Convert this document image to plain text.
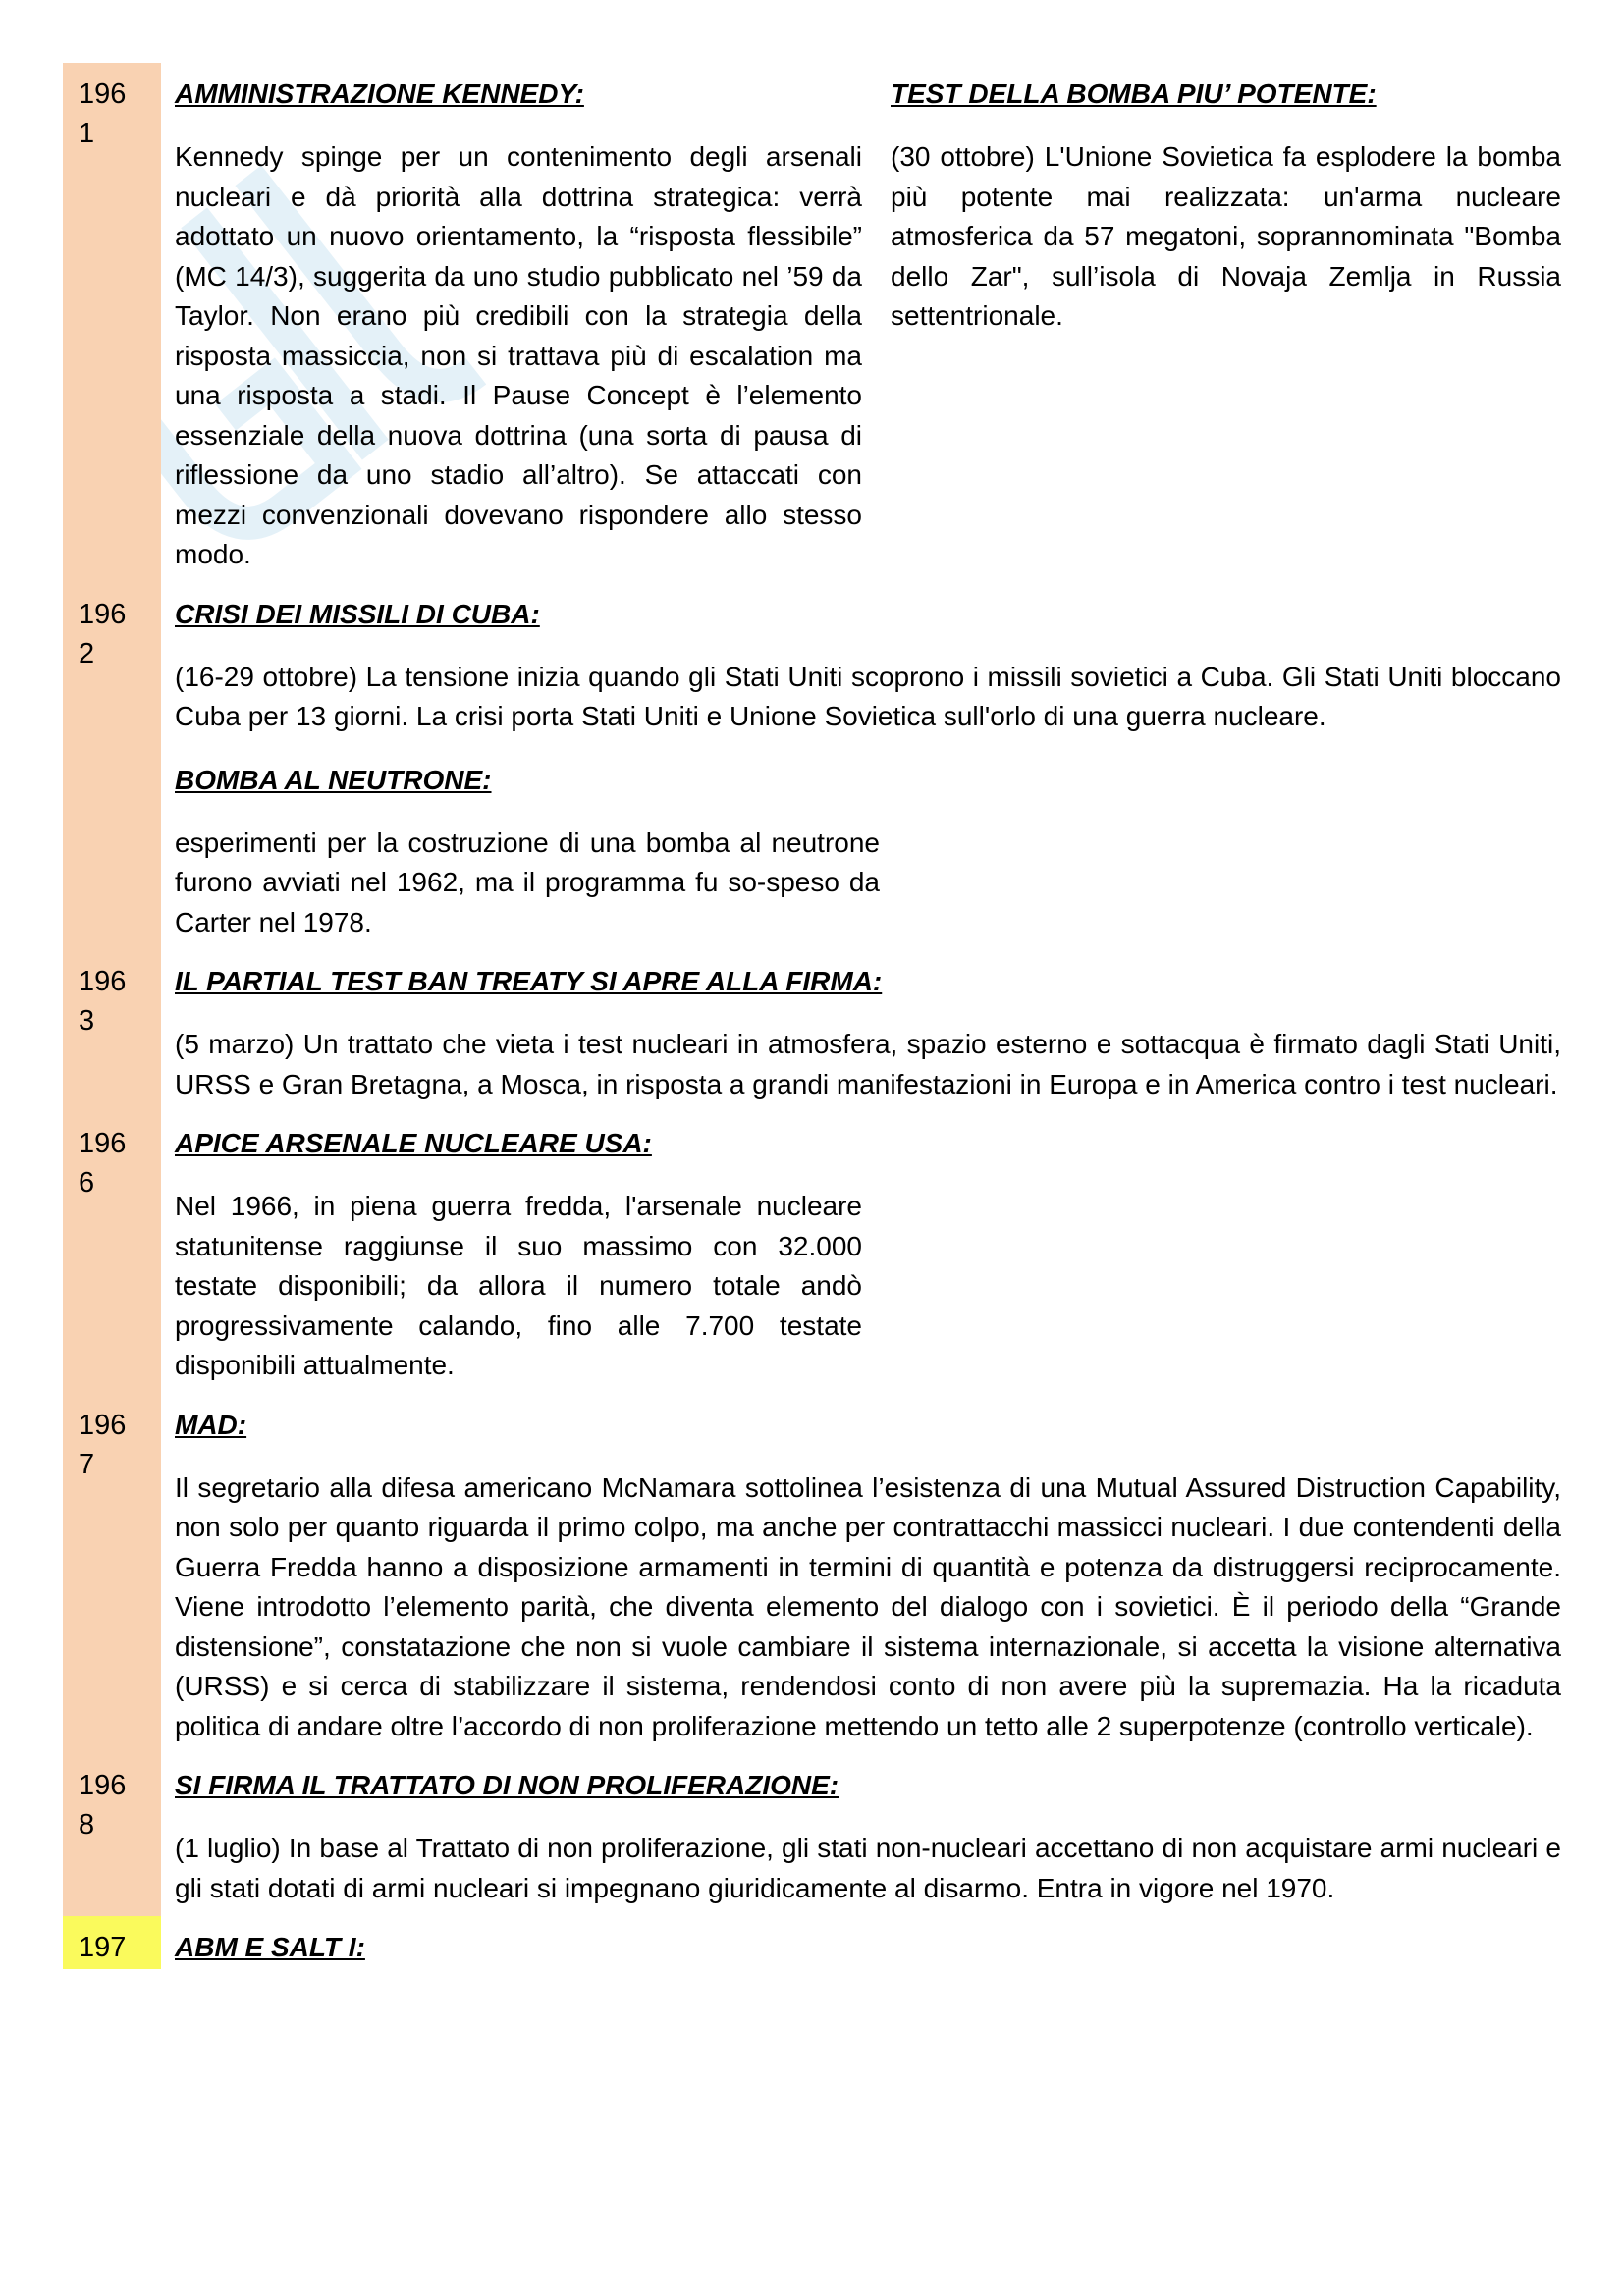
1961

AMMINISTRAZIONE KENNEDY:

Kennedy spinge per un contenimento degli arsenali nucleari e dà priorità alla dottrina strategica: verrà adottato un nuovo orientamento, la “risposta flessibile” (MC 14/3), suggerita da uno studio pubblicato nel ’59 da Taylor. Non erano più credibili con la strategia della risposta massiccia, non si trattava più di escalation ma una risposta a stadi. Il Pause Concept è l’elemento essenziale della nuova dottrina (una sorta di pausa di riflessione da uno stadio all’altro). Se attaccati con mezzi convenzionali dovevano rispondere allo stesso modo.

TEST DELLA BOMBA PIU’ POTENTE:

(30 ottobre) L'Unione Sovietica fa esplodere la bomba più potente mai realizzata: un'arma nucleare atmosferica da 57 megatoni, soprannominata "Bomba dello Zar", sull’isola di Novaja Zemlja in Russia settentrionale.

1962

CRISI DEI MISSILI DI CUBA:

(16-29 ottobre) La tensione inizia quando gli Stati Uniti scoprono i missili sovietici a Cuba. Gli Stati Uniti bloccano Cuba per 13 giorni. La crisi porta Stati Uniti e Unione Sovietica sull'orlo di una guerra nucleare.

BOMBA AL NEUTRONE:

esperimenti per la costruzione di una bomba al neutrone furono avviati nel 1962, ma il programma fu so-speso da Carter nel 1978.

1963

IL PARTIAL TEST BAN TREATY SI APRE ALLA FIRMA:

(5 marzo) Un trattato che vieta i test nucleari in atmosfera, spazio esterno e sottacqua è firmato dagli Stati Uniti, URSS e Gran Bretagna, a Mosca, in risposta a grandi manifestazioni in Europa e in America contro i test nucleari.

1966

APICE ARSENALE NUCLEARE USA:

Nel 1966, in piena guerra fredda, l'arsenale nucleare statunitense raggiunse il suo massimo con 32.000 testate disponibili; da allora il numero totale andò progressivamente calando, fino alle 7.700 testate disponibili attualmente.

1967

MAD:

Il segretario alla difesa americano McNamara sottolinea l’esistenza di una Mutual Assured Distruction Capability, non solo per quanto riguarda il primo colpo, ma anche per contrattacchi massicci nucleari. I due contendenti della Guerra Fredda hanno a disposizione armamenti in termini di quantità e potenza da distruggersi reciprocamente. Viene introdotto l’elemento parità, che diventa elemento del dialogo con i sovietici. È il periodo della “Grande distensione”, constatazione che non si vuole cambiare il sistema internazionale, si accetta la visione alternativa (URSS) e si cerca di stabilizzare il sistema, rendendosi conto di non avere più la supremazia. Ha la ricaduta politica di andare oltre l’accordo di non proliferazione mettendo un tetto alle 2 superpotenze (controllo verticale).

1968

SI FIRMA IL TRATTATO DI NON PROLIFERAZIONE:

(1 luglio) In base al Trattato di non proliferazione, gli stati non-nucleari accettano di non acquistare armi nucleari e gli stati dotati di armi nucleari si impegnano giuridicamente al disarmo. Entra in vigore nel 1970.

197	ABM E SALT I:
